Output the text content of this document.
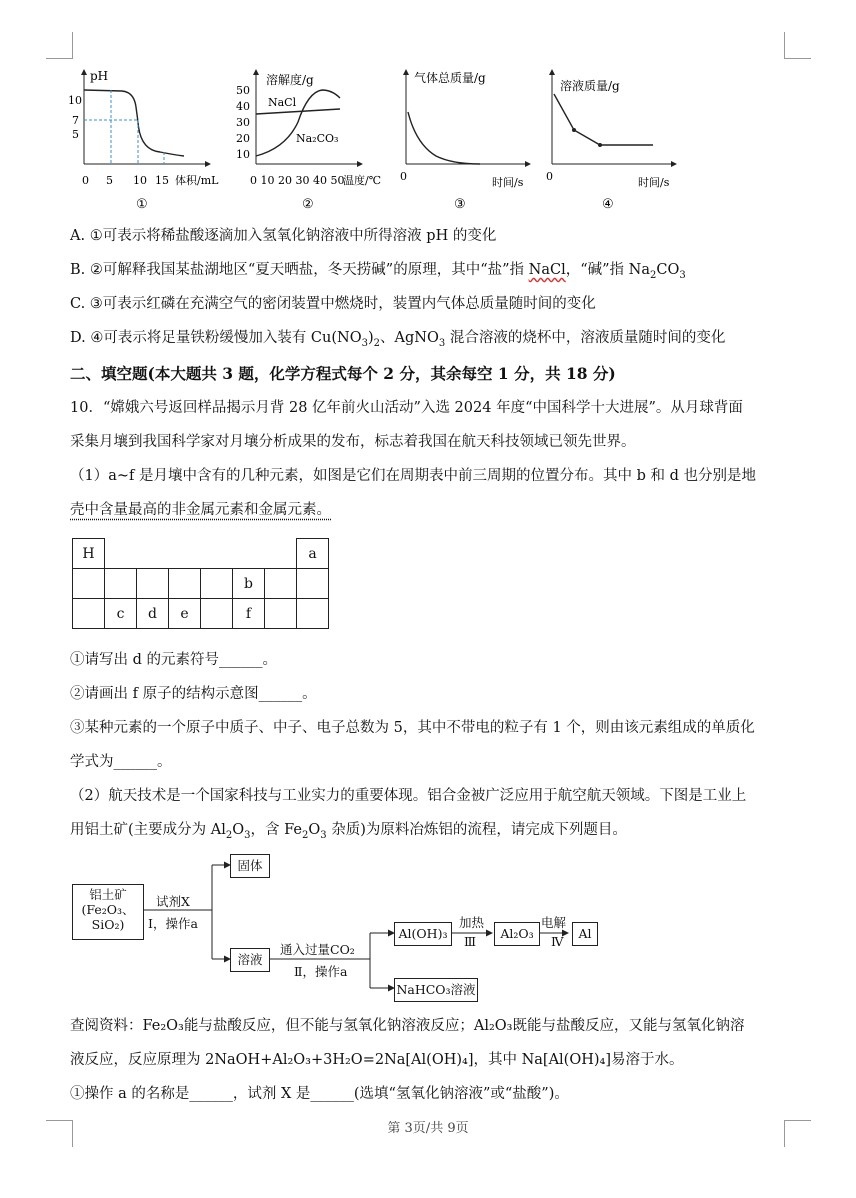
pH
10
7
5
0 5 10 15 体积/mL
①
溶解度/g
50
40
30
20
10
NaCl
Na₂CO₃
0 10 20 30 40 50
温度/℃
②
气体总质量/g
0	时间/s
③
溶液质量/g
0	时间/s
④
A. ①可表示将稀盐酸逐滴加入氢氧化钠溶液中所得溶液 pH 的变化
B. ②可解释我国某盐湖地区“夏天晒盐，冬天捞碱”的原理，其中“盐”指 NaCl，“碱”指 $Na_2CO_3$
C. ③可表示红磷在充满空气的密闭装置中燃烧时，装置内气体总质量随时间的变化
D. ④可表示将足量铁粉缓慢加入装有 $Cu(NO_3)_2$、AgNO$_3$ 混合溶液的烧杯中，溶液质量随时间的变化
二、填空题(本大题共 3 题，化学方程式每个 2 分，其余每空 1 分，共 18 分)
10．“嫦娥六号返回样品揭示月背 28 亿年前火山活动”入选 2024 年度“中国科学十大进展”。从月球背面
采集月壤到我国科学家对月壤分析成果的发布，标志着我国在航天科技领域已领先世界。
（1）a~f 是月壤中含有的几种元素，如图是它们在周期表中前三周期的位置分布。其中 b 和 d 也分别是地
壳中含量最高的非金属元素和金属元素。
H							a
					b		
	c	d	e		f		
①请写出 d 的元素符号______。
②请画出 f 原子的结构示意图______。
③某种元素的一个原子中质子、中子、电子总数为 5，其中不带电的粒子有 1 个，则由该元素组成的单质化
学式为______。
（2）航天技术是一个国家科技与工业实力的重要体现。铝合金被广泛应用于航空航天领域。下图是工业上
用铝土矿(主要成分为 $Al_2O_3$，含 $Fe_2O_3$ 杂质)为原料冶炼铝的流程，请完成下列题目。
铝土矿
(Fe₂O₃、
SiO₂)
试剂X
Ⅰ，操作a
固体
溶液
通入过量CO₂
Ⅱ，操作a
Al(OH)₃
加热
Ⅲ
Al₂O₃
电解
Ⅳ
Al
NaHCO₃溶液
查阅资料：Fe₂O₃能与盐酸反应，但不能与氢氧化钠溶液反应；Al₂O₃既能与盐酸反应，又能与氢氧化钠溶
液反应，反应原理为 2NaOH+Al₂O₃+3H₂O=2Na[Al(OH)₄]，其中 Na[Al(OH)₄]易溶于水。
①操作 a 的名称是______，试剂 X 是______(选填“氢氧化钠溶液”或“盐酸”)。
第 3页/共 9页
